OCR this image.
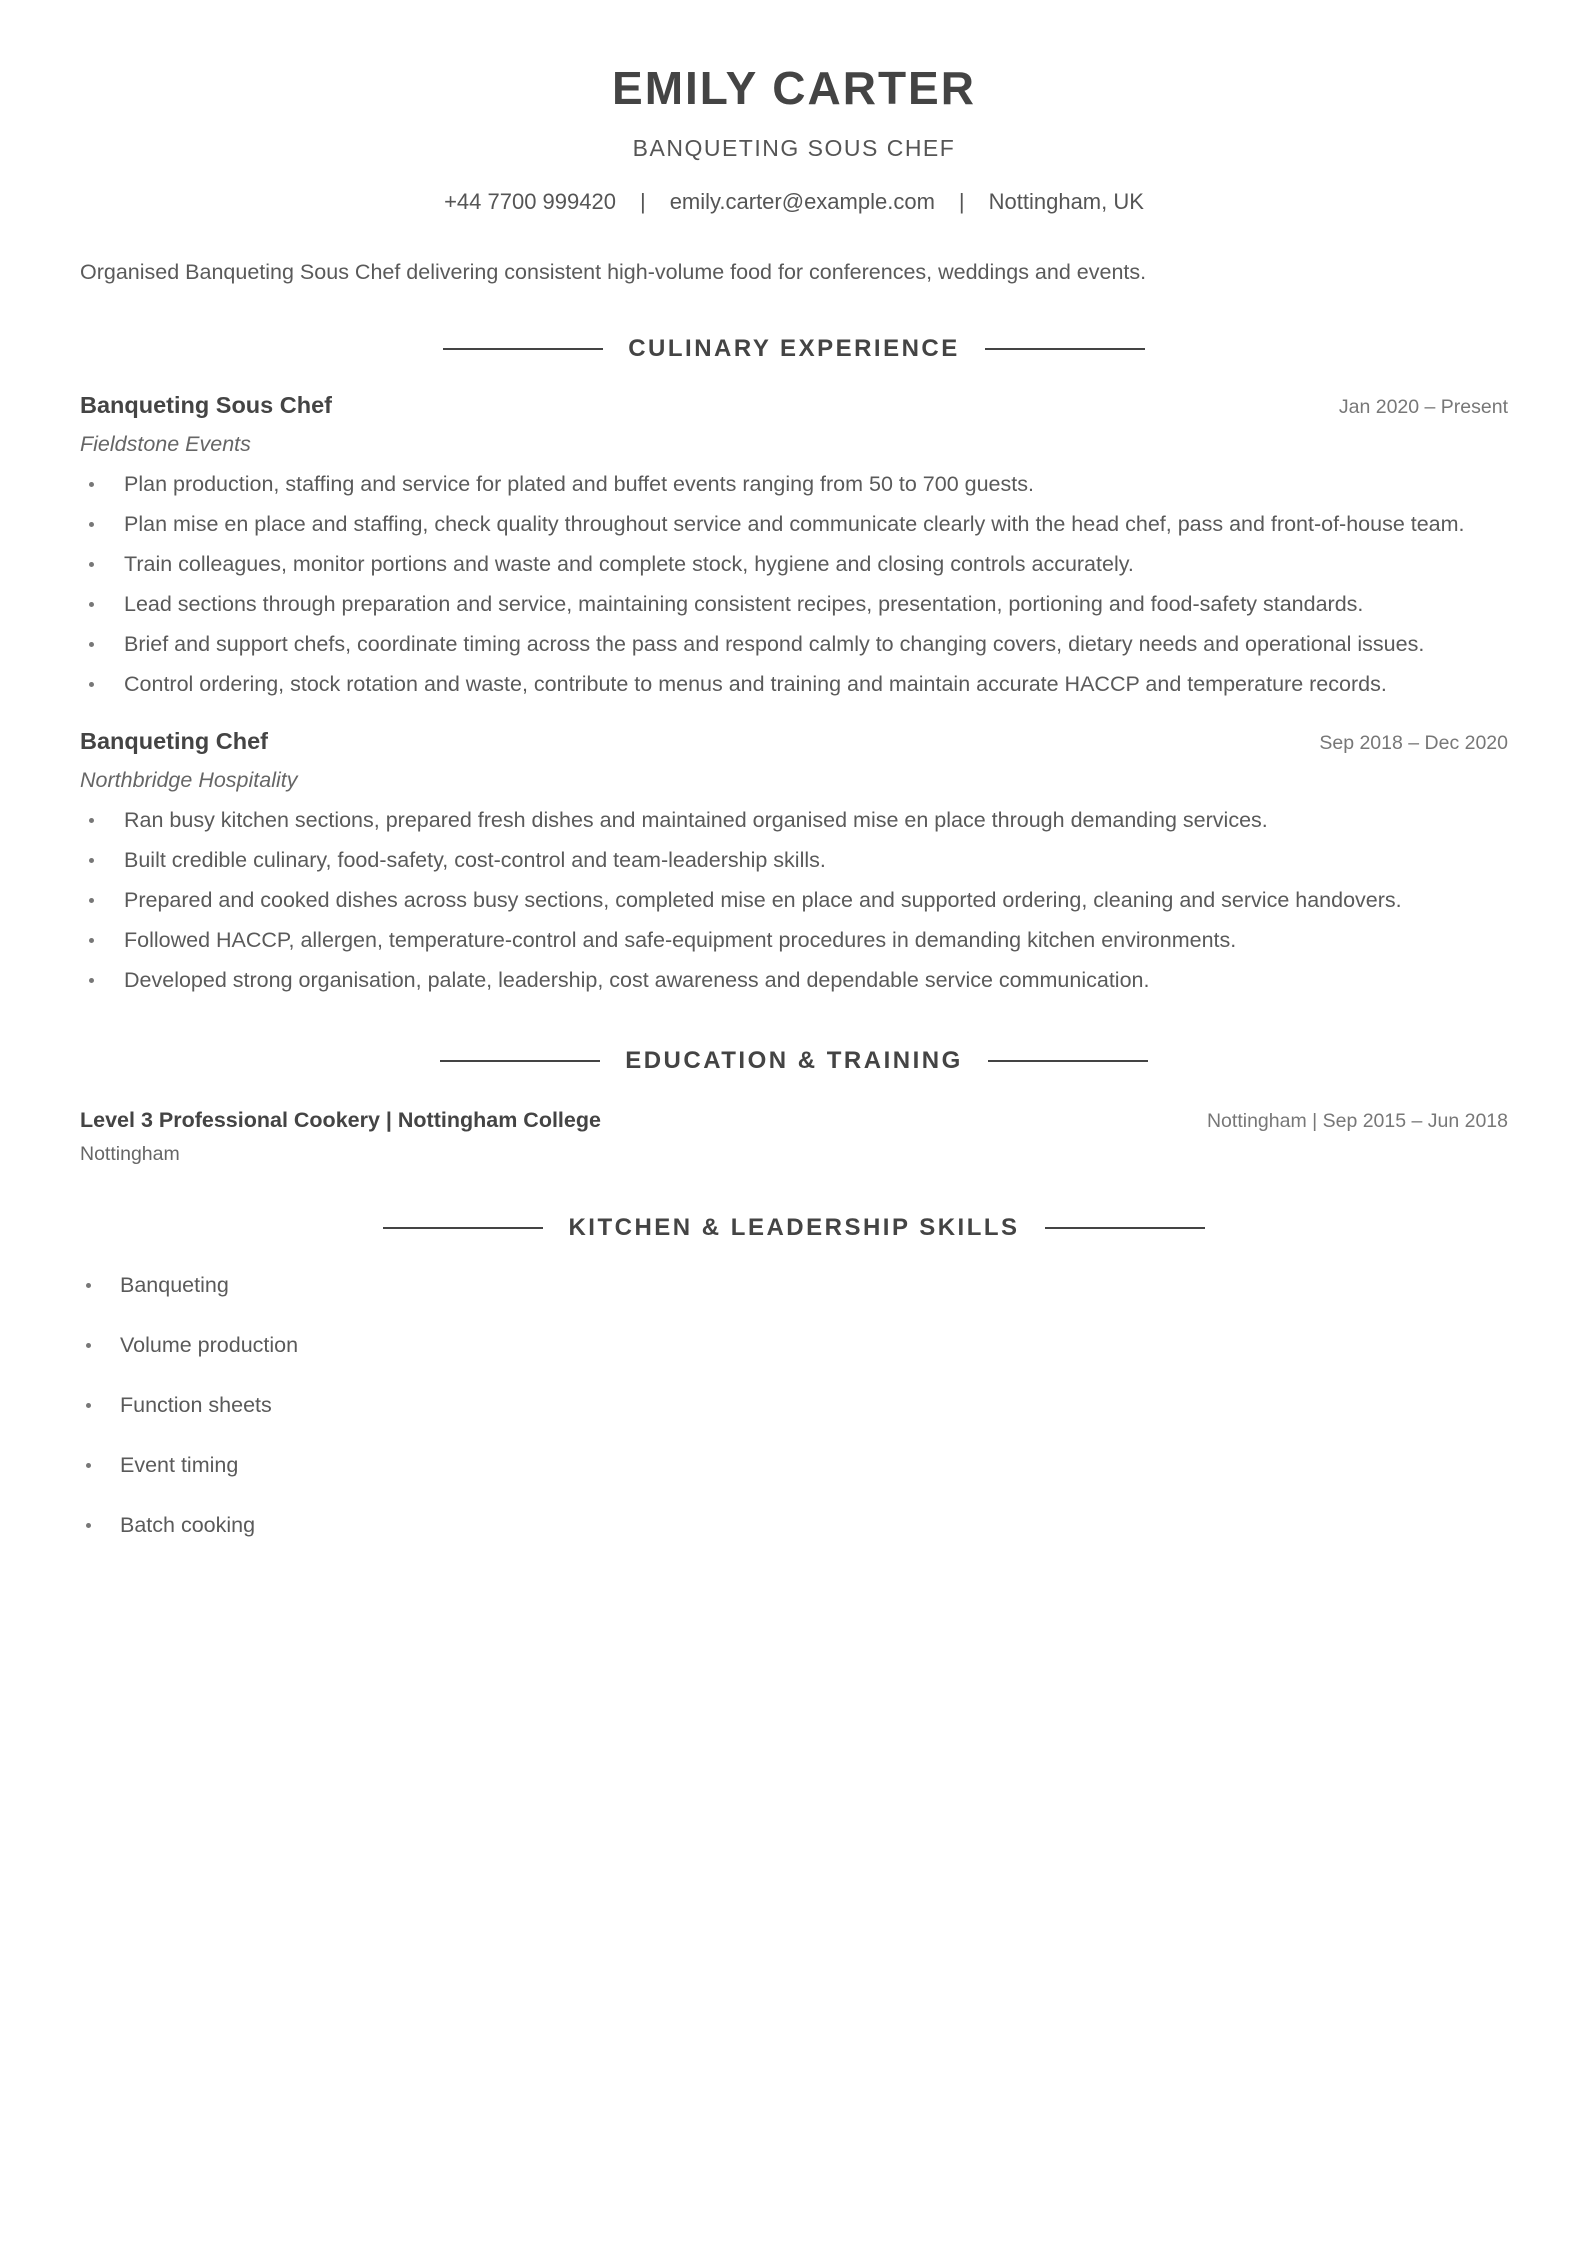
EMILY CARTER
BANQUETING SOUS CHEF
+44 7700 999420 | emily.carter@example.com | Nottingham, UK
Organised Banqueting Sous Chef delivering consistent high-volume food for conferences, weddings and events.
CULINARY EXPERIENCE
Banqueting Sous Chef	Jan 2020 – Present
Fieldstone Events
Plan production, staffing and service for plated and buffet events ranging from 50 to 700 guests.
Plan mise en place and staffing, check quality throughout service and communicate clearly with the head chef, pass and front-of-house team.
Train colleagues, monitor portions and waste and complete stock, hygiene and closing controls accurately.
Lead sections through preparation and service, maintaining consistent recipes, presentation, portioning and food-safety standards.
Brief and support chefs, coordinate timing across the pass and respond calmly to changing covers, dietary needs and operational issues.
Control ordering, stock rotation and waste, contribute to menus and training and maintain accurate HACCP and temperature records.
Banqueting Chef	Sep 2018 – Dec 2020
Northbridge Hospitality
Ran busy kitchen sections, prepared fresh dishes and maintained organised mise en place through demanding services.
Built credible culinary, food-safety, cost-control and team-leadership skills.
Prepared and cooked dishes across busy sections, completed mise en place and supported ordering, cleaning and service handovers.
Followed HACCP, allergen, temperature-control and safe-equipment procedures in demanding kitchen environments.
Developed strong organisation, palate, leadership, cost awareness and dependable service communication.
EDUCATION & TRAINING
Level 3 Professional Cookery | Nottingham College	Nottingham | Sep 2015 – Jun 2018
Nottingham
KITCHEN & LEADERSHIP SKILLS
Banqueting
Volume production
Function sheets
Event timing
Batch cooking
